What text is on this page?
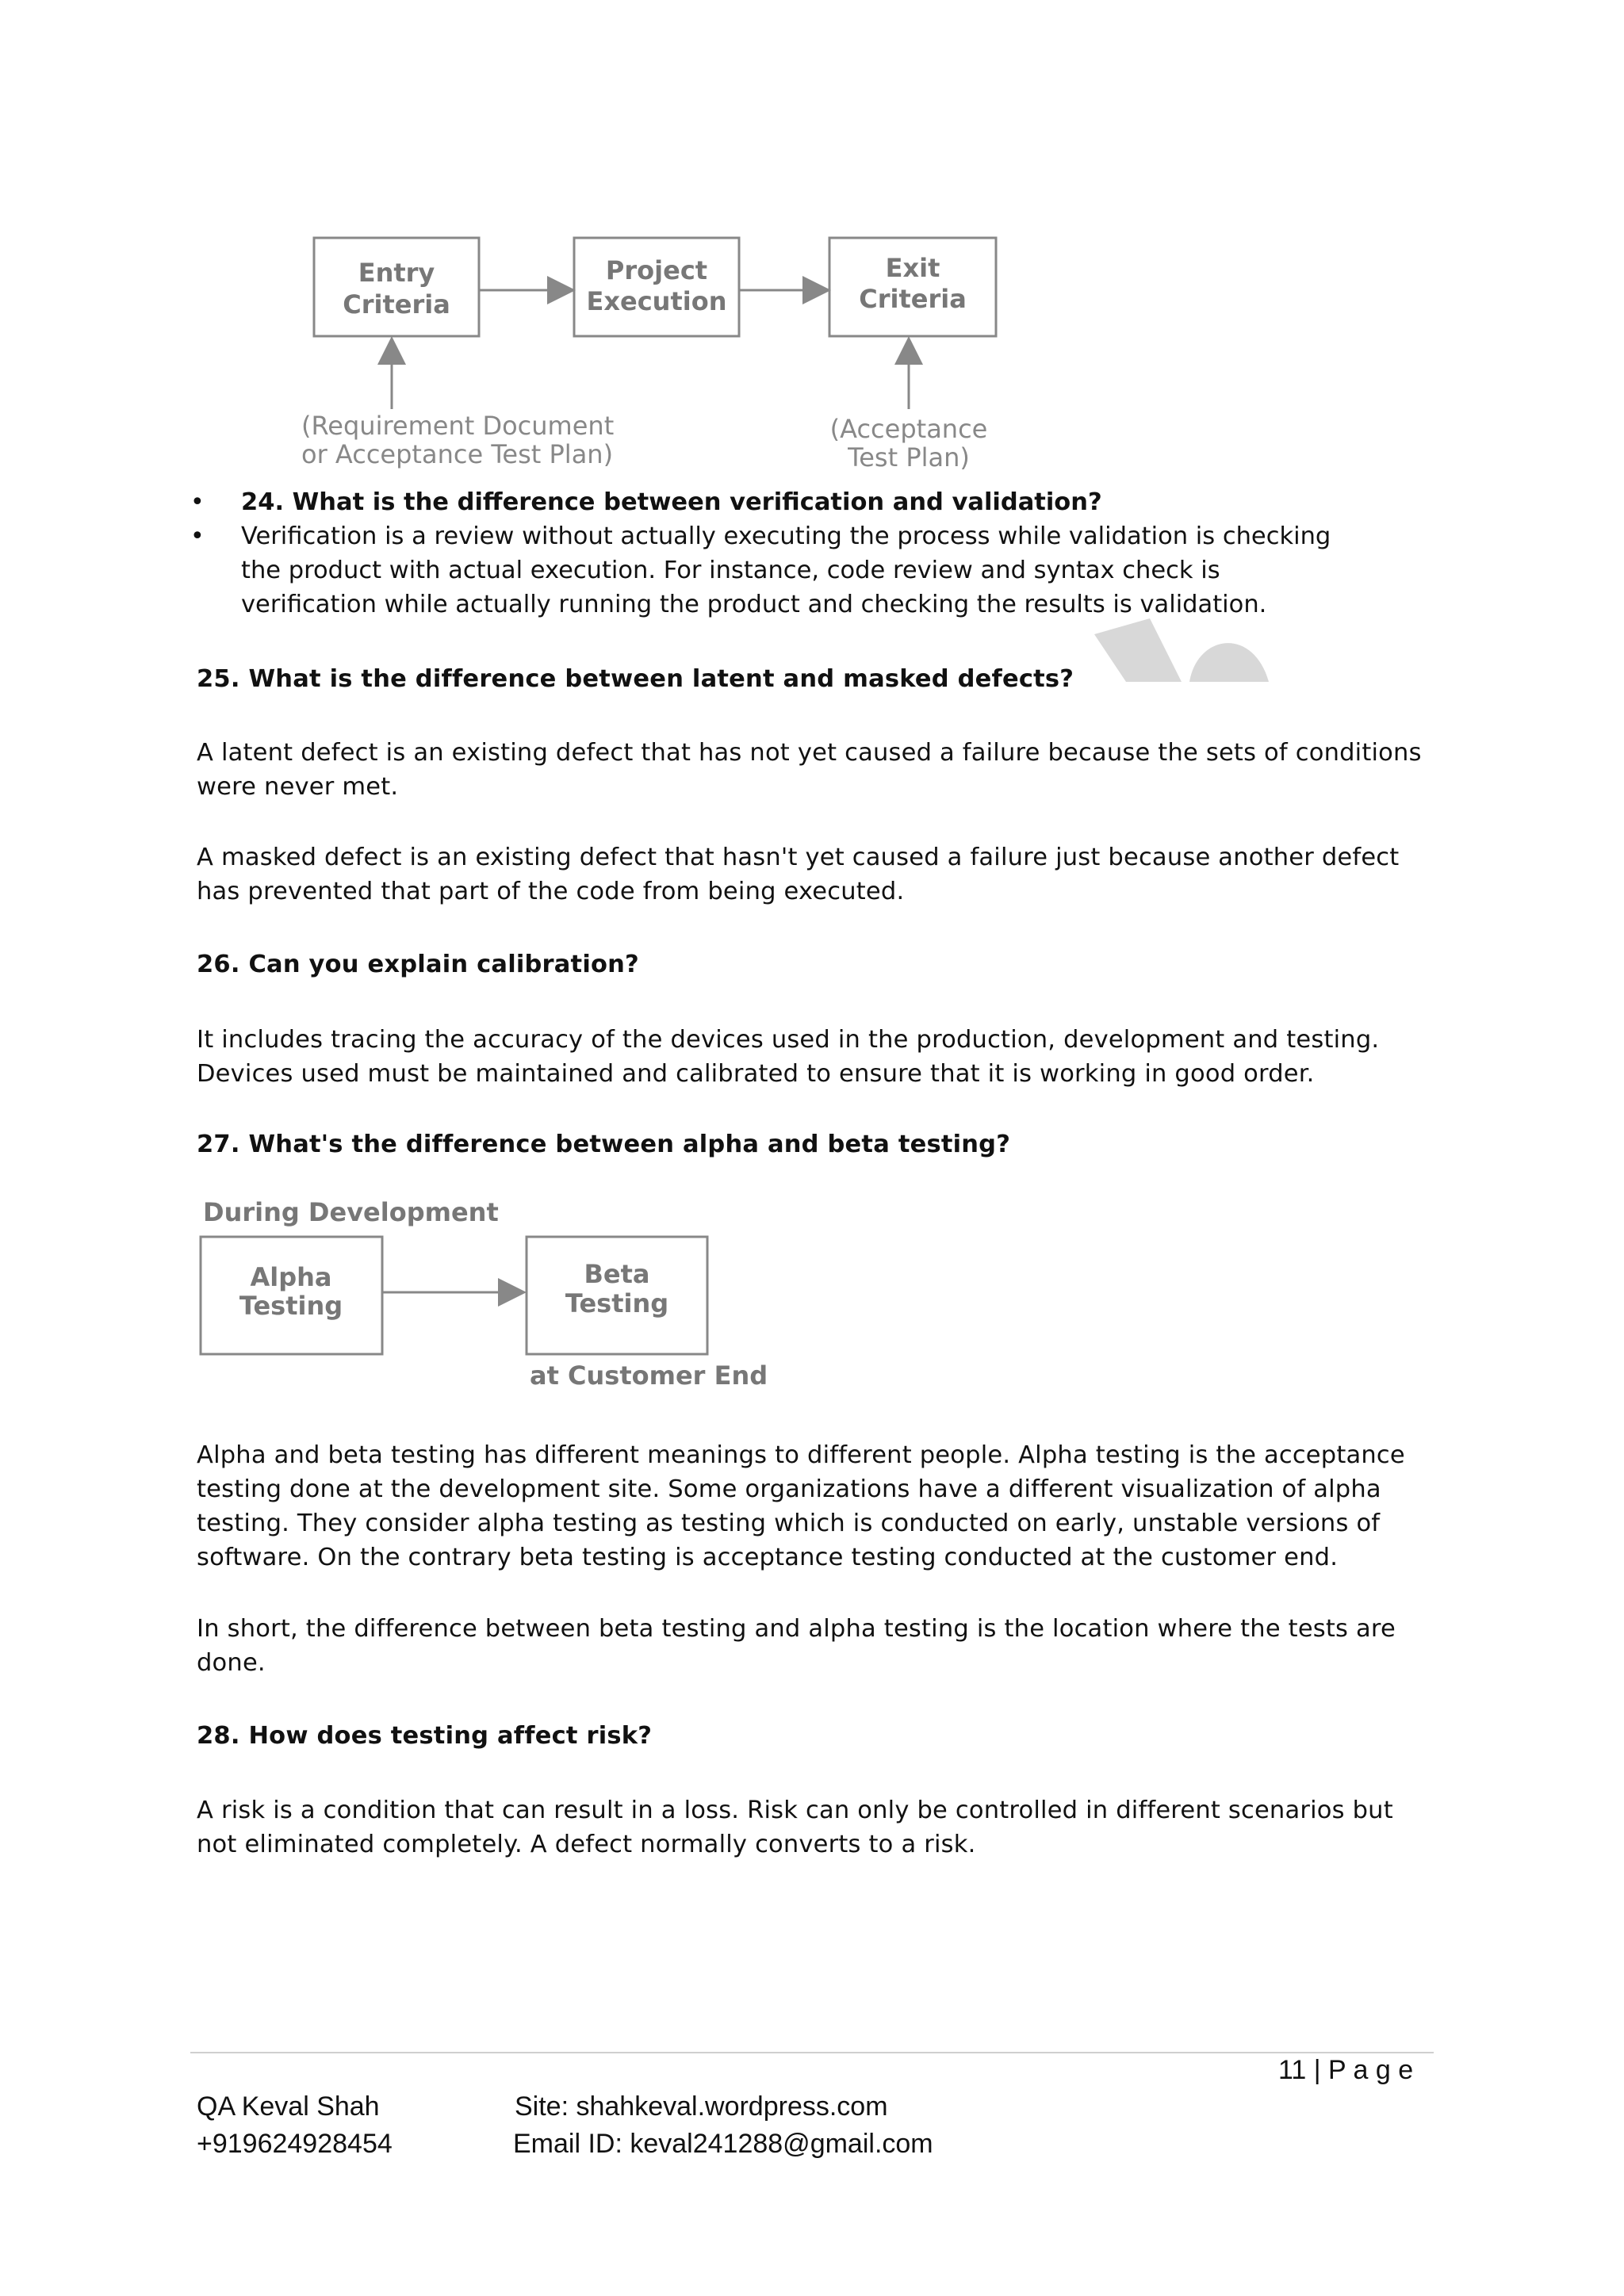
Entry
Criteria
Project
Execution
Exit
Criteria
(Requirement Document
or Acceptance Test Plan)
(Acceptance
Test Plan)
• 24. What is the difference between verification and validation?
• Verification is a review without actually executing the process while validation is checking
the product with actual execution. For instance, code review and syntax check is
verification while actually running the product and checking the results is validation.
25. What is the difference between latent and masked defects?
A latent defect is an existing defect that has not yet caused a failure because the sets of conditions
were never met.
A masked defect is an existing defect that hasn't yet caused a failure just because another defect
has prevented that part of the code from being executed.
26. Can you explain calibration?
It includes tracing the accuracy of the devices used in the production, development and testing.
Devices used must be maintained and calibrated to ensure that it is working in good order.
27. What's the difference between alpha and beta testing?
During Development
Alpha
Testing
Beta
Testing
at Customer End
Alpha and beta testing has different meanings to different people. Alpha testing is the acceptance
testing done at the development site. Some organizations have a different visualization of alpha
testing. They consider alpha testing as testing which is conducted on early, unstable versions of
software. On the contrary beta testing is acceptance testing conducted at the customer end.
In short, the difference between beta testing and alpha testing is the location where the tests are
done.
28. How does testing affect risk?
A risk is a condition that can result in a loss. Risk can only be controlled in different scenarios but
not eliminated completely. A defect normally converts to a risk.
11 | P a g e
QA Keval Shah
+919624928454
Site: shahkeval.wordpress.com
Email ID: keval241288@gmail.com
